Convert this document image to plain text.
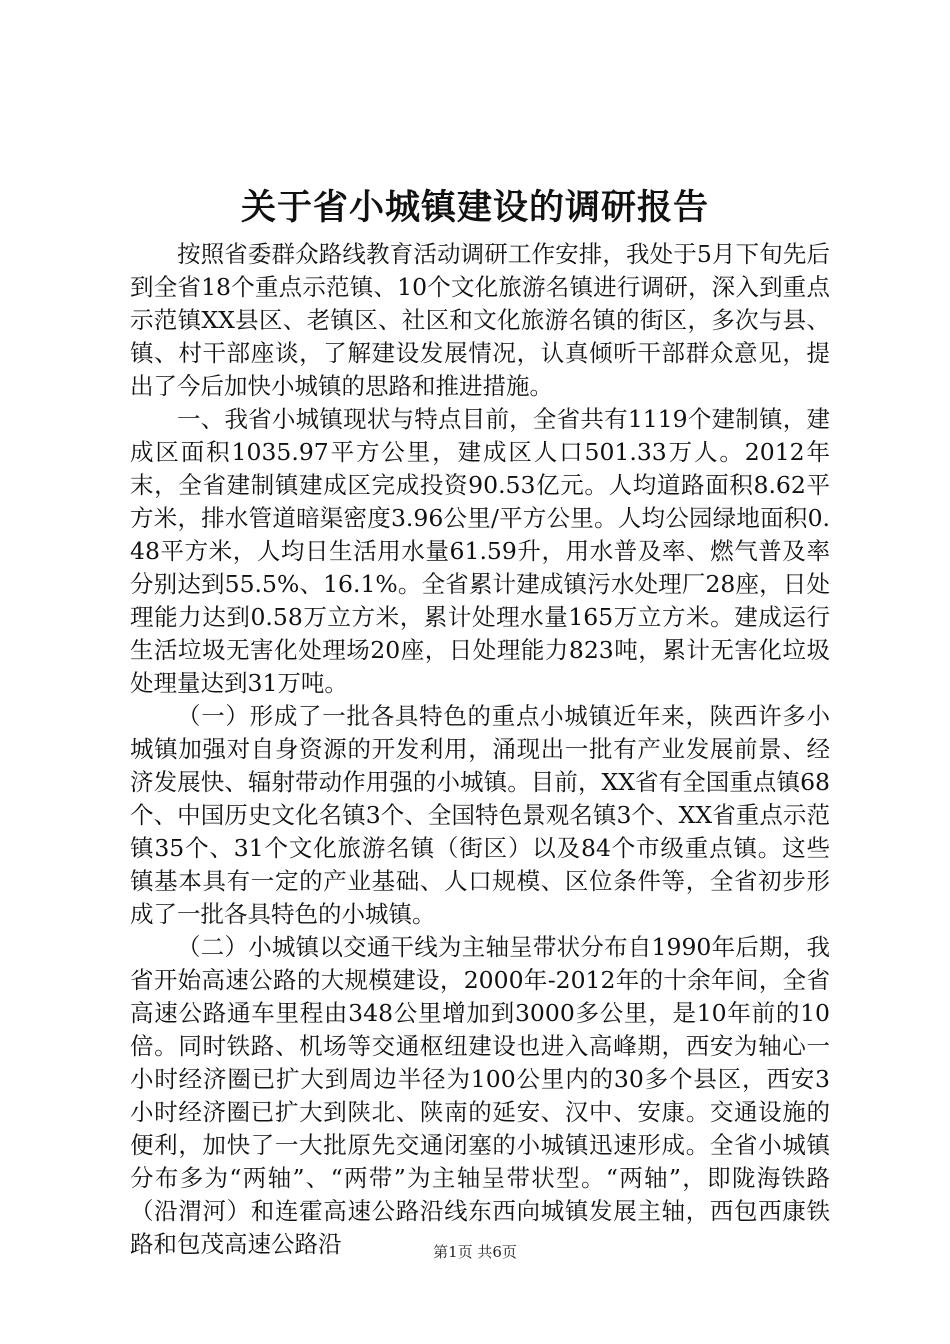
关于省小城镇建设的调研报告

按照省委群众路线教育活动调研工作安排，我处于5月下旬先后到全省18个重点示范镇、10个文化旅游名镇进行调研，深入到重点示范镇XX县区、老镇区、社区和文化旅游名镇的街区，多次与县、镇、村干部座谈，了解建设发展情况，认真倾听干部群众意见，提出了今后加快小城镇的思路和推进措施。

一、我省小城镇现状与特点目前，全省共有1119个建制镇，建成区面积1035.97平方公里，建成区人口501.33万人。2012年末，全省建制镇建成区完成投资90.53亿元。人均道路面积8.62平方米，排水管道暗渠密度3.96公里/平方公里。人均公园绿地面积0.48平方米，人均日生活用水量61.59升，用水普及率、燃气普及率分别达到55.5%、16.1%。全省累计建成镇污水处理厂28座，日处理能力达到0.58万立方米，累计处理水量165万立方米。建成运行生活垃圾无害化处理场20座，日处理能力823吨，累计无害化垃圾处理量达到31万吨。

（一）形成了一批各具特色的重点小城镇近年来，陕西许多小城镇加强对自身资源的开发利用，涌现出一批有产业发展前景、经济发展快、辐射带动作用强的小城镇。目前，XX省有全国重点镇68个、中国历史文化名镇3个、全国特色景观名镇3个、XX省重点示范镇35个、31个文化旅游名镇（街区）以及84个市级重点镇。这些镇基本具有一定的产业基础、人口规模、区位条件等，全省初步形成了一批各具特色的小城镇。

（二）小城镇以交通干线为主轴呈带状分布自1990年后期，我省开始高速公路的大规模建设，2000年-2012年的十余年间，全省高速公路通车里程由348公里增加到3000多公里，是10年前的10倍。同时铁路、机场等交通枢纽建设也进入高峰期，西安为轴心一小时经济圈已扩大到周边半径为100公里内的30多个县区，西安3小时经济圈已扩大到陕北、陕南的延安、汉中、安康。交通设施的便利，加快了一大批原先交通闭塞的小城镇迅速形成。全省小城镇分布多为“两轴”、“两带”为主轴呈带状型。“两轴”，即陇海铁路（沿渭河）和连霍高速公路沿线东西向城镇发展主轴，西包西康铁路和包茂高速公路沿	第1页 共6页
